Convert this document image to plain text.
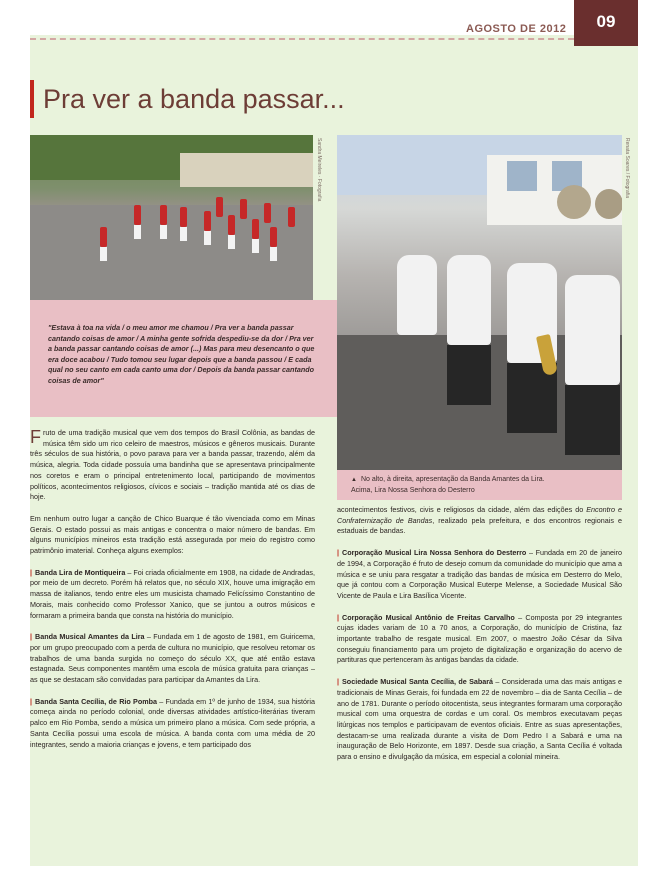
AGOSTO DE 2012	09
Pra ver a banda passar...
Sandra Meireles · Fotografia	Renata Soares / Fotografia

"Estava à toa na vida / o meu amor me chamou / Pra ver a banda passar cantando coisas de amor / A minha gente sofrida despediu-se da dor / Pra ver a banda passar cantando coisas de amor (...) Mas para meu desencanto o que era doce acabou / Tudo tomou seu lugar depois que a banda passou / E cada qual no seu canto em cada canto uma dor / Depois da banda passar cantando coisas de amor"

▲ No alto, à direita, apresentação da Banda Amantes da Lira.
Acima, Lira Nossa Senhora do Desterro

Fruto de uma tradição musical que vem dos tempos do Brasil Colônia, as bandas de música têm sido um rico celeiro de maestros, músicos e gêneros musicais. Durante três séculos de sua história, o povo parava para ver a banda passar, trazendo, além da música, alegria. Toda cidade possuía uma bandinha que se apresentava principalmente nos coretos e eram o principal entretenimento local, participando de movimentos políticos, acontecimentos religiosos, cívicos e sociais – tradição mantida até os dias de hoje.

Em nenhum outro lugar a canção de Chico Buarque é tão vivenciada como em Minas Gerais. O estado possui as mais antigas e concentra o maior número de bandas. Em alguns municípios mineiros esta tradição está assegurada por meio do registro como patrimônio imaterial. Conheça alguns exemplos:

| Banda Lira de Montiqueira – Foi criada oficialmente em 1908, na cidade de Andradas, por meio de um decreto. Porém há relatos que, no século XIX, houve uma imigração em massa de italianos, tendo entre eles um musicista chamado Felicíssimo Constantino de Morais, mais conhecido como Professor Xanico, que se juntou a outros músicos e formaram a primeira banda que consta na história do município.

| Banda Musical Amantes da Lira – Fundada em 1 de agosto de 1981, em Guiricema, por um grupo preocupado com a perda de cultura no município, que resolveu retomar os trabalhos de uma banda surgida no começo do século XX, que até então estava estagnada. Seus componentes mantêm uma escola de música gratuita para crianças – as que se destacam são convidadas para participar da Amantes da Lira.

| Banda Santa Cecília, de Rio Pomba – Fundada em 1º de junho de 1934, sua história começa ainda no período colonial, onde diversas atividades artístico-literárias tiveram palco em Rio Pomba, sendo a música um primeiro plano a música. Com sede própria, a Santa Cecília possui uma escola de música. A banda conta com uma média de 20 integrantes, sendo a maioria crianças e jovens, e tem participado dos

acontecimentos festivos, civis e religiosos da cidade, além das edições do Encontro e Confraternização de Bandas, realizado pela prefeitura, e dos encontros regionais e estaduais de bandas.

| Corporação Musical Lira Nossa Senhora do Desterro – Fundada em 20 de janeiro de 1994, a Corporação é fruto de desejo comum da comunidade do município que ama a música e se uniu para resgatar a tradição das bandas de música em Desterro do Melo, que já contou com a Corporação Musical Euterpe Melense, a Sociedade Musical São Vicente de Paula e Lira Basílica Vicente.

| Corporação Musical Antônio de Freitas Carvalho – Composta por 29 integrantes cujas idades variam de 10 a 70 anos, a Corporação, do município de Cristina, faz importante trabalho de resgate musical. Em 2007, o maestro João César da Silva conseguiu financiamento para um projeto de digitalização e organização do acervo de partituras que pertenceram às antigas bandas da cidade.

| Sociedade Musical Santa Cecília, de Sabará – Considerada uma das mais antigas e tradicionais de Minas Gerais, foi fundada em 22 de novembro – dia de Santa Cecília – de ano de 1781. Durante o período oitocentista, seus integrantes formaram uma corporação musical com uma orquestra de cordas e um coral. Os membros executavam peças litúrgicas nos templos e participavam de eventos oficiais. Entre as suas apresentações, destacam-se uma realizada durante a visita de Dom Pedro I a Sabará e uma na inauguração de Belo Horizonte, em 1897. Desde sua criação, a Santa Cecília é voltada para o ensino e divulgação da música, em especial a colonial mineira.
